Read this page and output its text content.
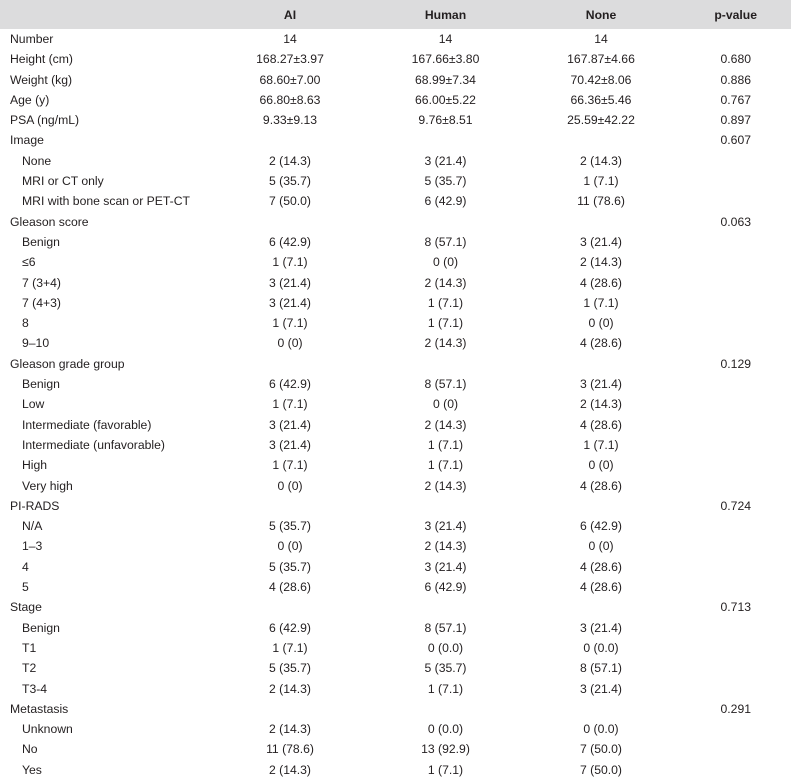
	AI	Human	None	p-value
Number	14	14	14	
Height (cm)	168.27±3.97	167.66±3.80	167.87±4.66	0.680
Weight (kg)	68.60±7.00	68.99±7.34	70.42±8.06	0.886
Age (y)	66.80±8.63	66.00±5.22	66.36±5.46	0.767
PSA (ng/mL)	9.33±9.13	9.76±8.51	25.59±42.22	0.897
Image				0.607
None	2 (14.3)	3 (21.4)	2 (14.3)	
MRI or CT only	5 (35.7)	5 (35.7)	1 (7.1)	
MRI with bone scan or PET-CT	7 (50.0)	6 (42.9)	11 (78.6)	
Gleason score				0.063
Benign	6 (42.9)	8 (57.1)	3 (21.4)	
≤6	1 (7.1)	0 (0)	2 (14.3)	
7 (3+4)	3 (21.4)	2 (14.3)	4 (28.6)	
7 (4+3)	3 (21.4)	1 (7.1)	1 (7.1)	
8	1 (7.1)	1 (7.1)	0 (0)	
9–10	0 (0)	2 (14.3)	4 (28.6)	
Gleason grade group				0.129
Benign	6 (42.9)	8 (57.1)	3 (21.4)	
Low	1 (7.1)	0 (0)	2 (14.3)	
Intermediate (favorable)	3 (21.4)	2 (14.3)	4 (28.6)	
Intermediate (unfavorable)	3 (21.4)	1 (7.1)	1 (7.1)	
High	1 (7.1)	1 (7.1)	0 (0)	
Very high	0 (0)	2 (14.3)	4 (28.6)	
PI-RADS				0.724
N/A	5 (35.7)	3 (21.4)	6 (42.9)	
1–3	0 (0)	2 (14.3)	0 (0)	
4	5 (35.7)	3 (21.4)	4 (28.6)	
5	4 (28.6)	6 (42.9)	4 (28.6)	
Stage				0.713
Benign	6 (42.9)	8 (57.1)	3 (21.4)	
T1	1 (7.1)	0 (0.0)	0 (0.0)	
T2	5 (35.7)	5 (35.7)	8 (57.1)	
T3-4	2 (14.3)	1 (7.1)	3 (21.4)	
Metastasis				0.291
Unknown	2 (14.3)	0 (0.0)	0 (0.0)	
No	11 (78.6)	13 (92.9)	7 (50.0)	
Yes	2 (14.3)	1 (7.1)	7 (50.0)	
